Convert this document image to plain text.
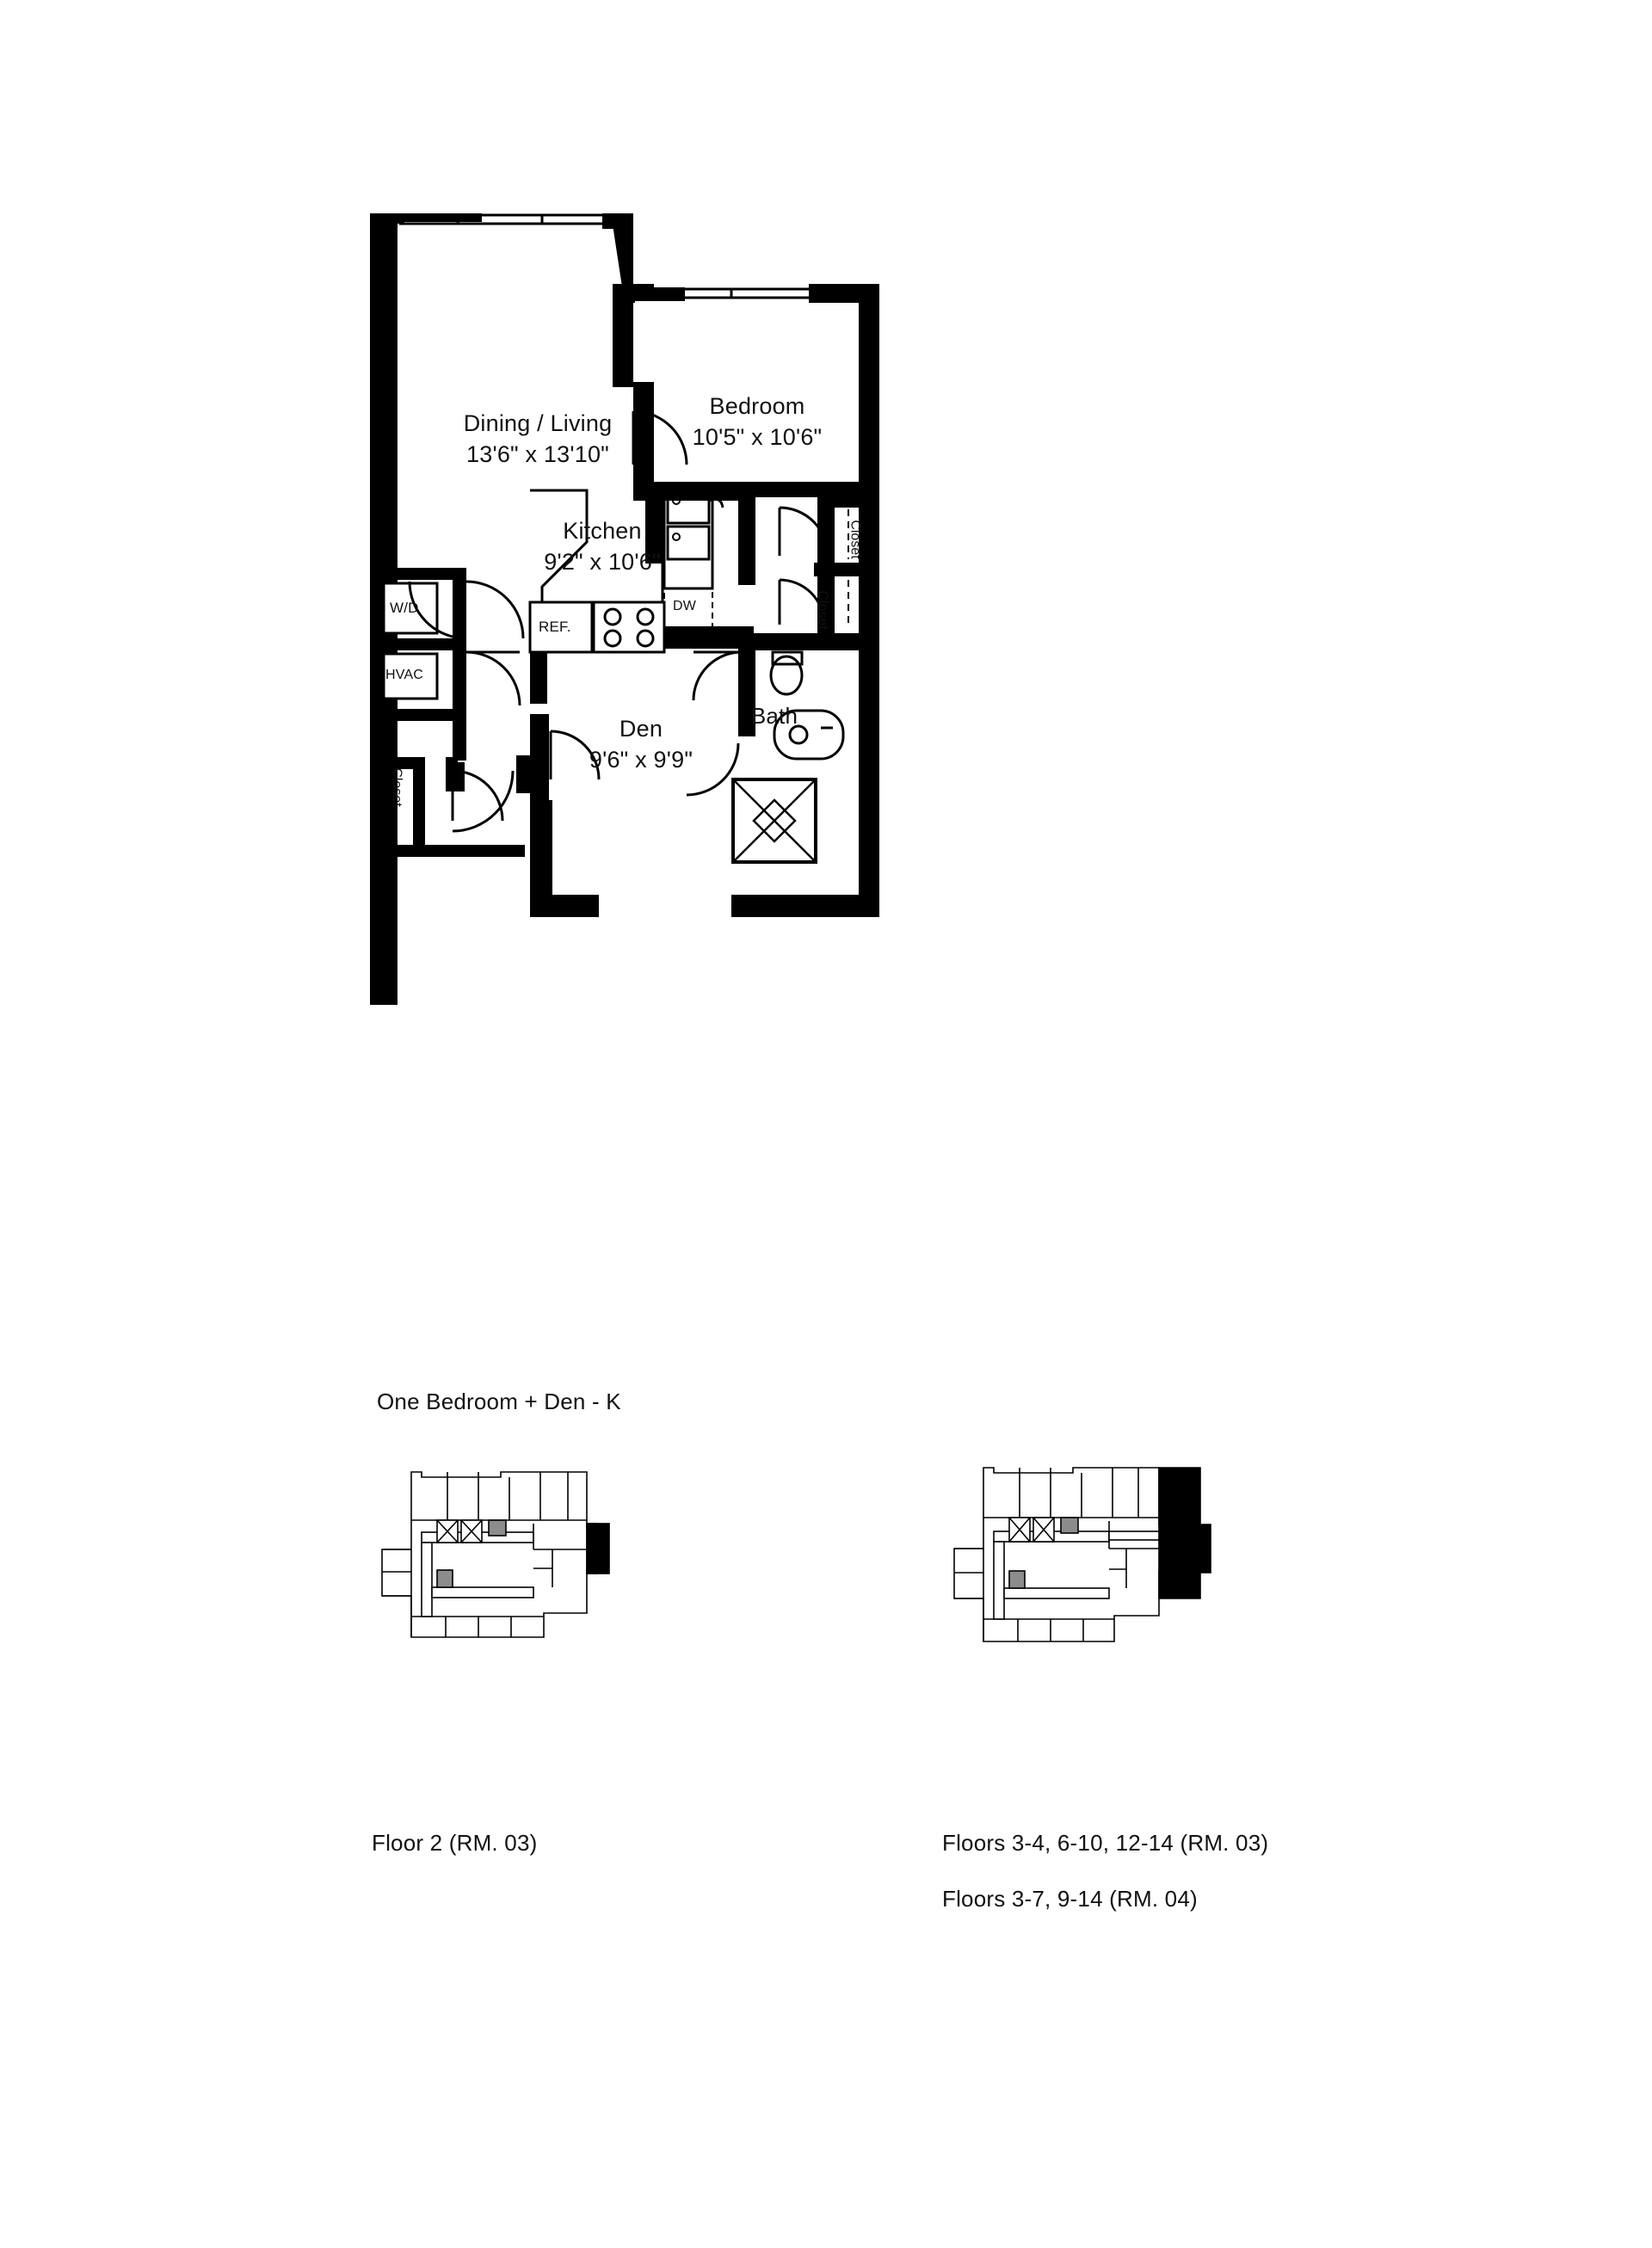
Dining / Living
13'6" x 13'10"
Bedroom
10'5" x 10'6"
Kitchen
9'2" x 10'6"
Den
9'6" x 9'9"
Bath
W/D
HVAC
REF.
DW
Closet
Closet
Closet
One Bedroom + Den - K
Floor 2 (RM. 03)	Floors 3-4, 6-10, 12-14 (RM. 03)
Floors 3-7, 9-14 (RM. 04)
